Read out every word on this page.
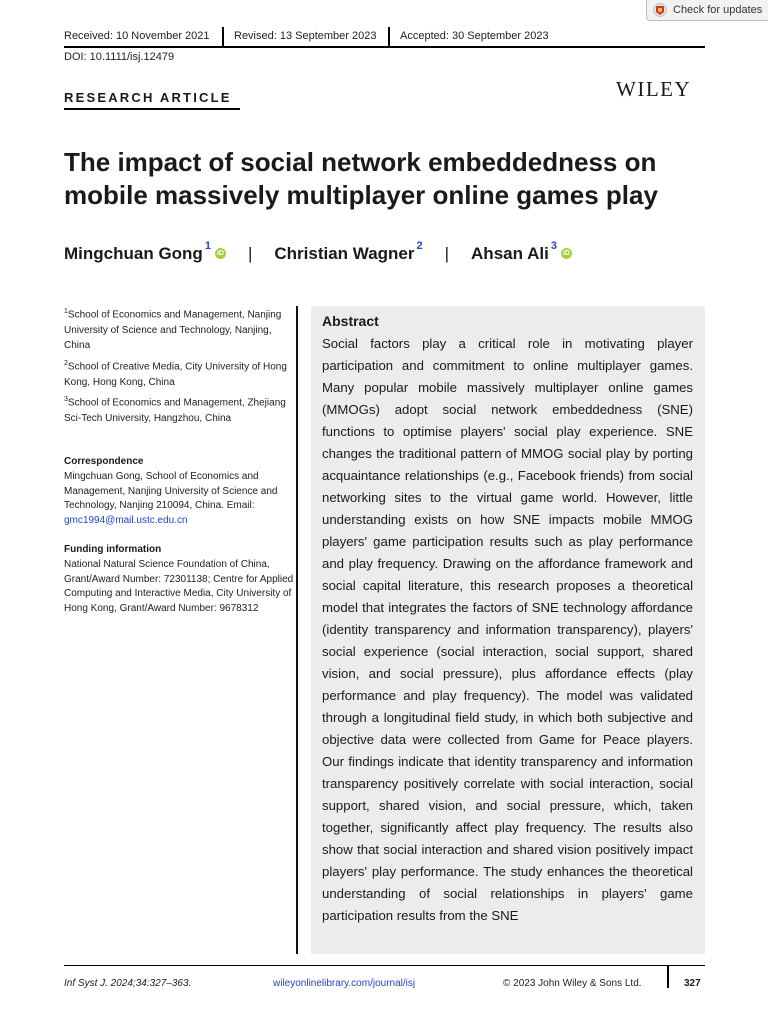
Check for updates
Received: 10 November 2021 Revised: 13 September 2023 Accepted: 30 September 2023
DOI: 10.1111/isj.12479
RESEARCH ARTICLE	WILEY
The impact of social network embeddedness on mobile massively multiplayer online games play
Mingchuan Gong$^1$
iD | Christian Wagner$^2$ | Ahsan Ali$^3$
iD
$^1$School of Economics and Management, Nanjing University of Science and Technology, Nanjing, China
$^2$School of Creative Media, City University of Hong Kong, Hong Kong, China
$^3$School of Economics and Management, Zhejiang Sci-Tech University, Hangzhou, China
Correspondence
Mingchuan Gong, School of Economics and Management, Nanjing University of Science and Technology, Nanjing 210094, China. Email: gmc1994@mail.ustc.edu.cn
Funding information
National Natural Science Foundation of China, Grant/Award Number: 72301138; Centre for Applied Computing and Interactive Media, City University of Hong Kong, Grant/Award Number: 9678312
Abstract
Social factors play a critical role in motivating player participation and commitment to online multiplayer games. Many popular mobile massively multiplayer online games (MMOGs) adopt social network embeddedness (SNE) functions to optimise players' social play experience. SNE changes the traditional pattern of MMOG social play by porting acquaintance relationships (e.g., Facebook friends) from social networking sites to the virtual game world. However, little understanding exists on how SNE impacts mobile MMOG players' game participation results such as play performance and play frequency. Drawing on the affordance framework and social capital literature, this research proposes a theoretical model that integrates the factors of SNE technology affordance (identity transparency and information transparency), players' social experience (social interaction, social support, shared vision, and social pressure), plus affordance effects (play performance and play frequency). The model was validated through a longitudinal field study, in which both subjective and objective data were collected from Game for Peace players. Our findings indicate that identity transparency and information transparency positively correlate with social interaction, social support, shared vision, and social pressure, which, taken together, significantly affect play frequency. The results also show that social interaction and shared vision positively impact players' play performance. The study enhances the theoretical understanding of social relationships in players' game participation results from the SNE
Inf Syst J. 2024;34:327–363.	wileyonlinelibrary.com/journal/isj	© 2023 John Wiley & Sons Ltd.	327
